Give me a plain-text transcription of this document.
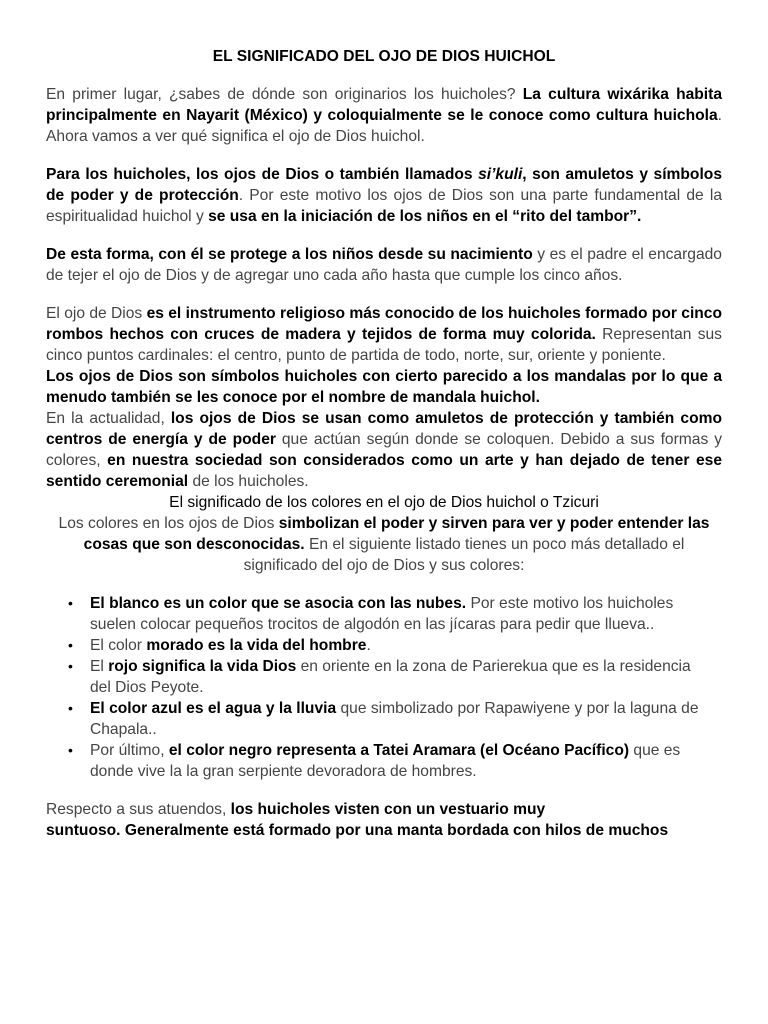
EL SIGNIFICADO DEL OJO DE DIOS HUICHOL

En primer lugar, ¿sabes de dónde son originarios los huicholes? La cultura wixárika habita principalmente en Nayarit (México) y coloquialmente se le conoce como cultura huichola. Ahora vamos a ver qué significa el ojo de Dios huichol.

Para los huicholes, los ojos de Dios o también llamados si’kuli, son amuletos y símbolos de poder y de protección. Por este motivo los ojos de Dios son una parte fundamental de la espiritualidad huichol y se usa en la iniciación de los niños en el “rito del tambor”.

De esta forma, con él se protege a los niños desde su nacimiento y es el padre el encargado de tejer el ojo de Dios y de agregar uno cada año hasta que cumple los cinco años.

El ojo de Dios es el instrumento religioso más conocido de los huicholes formado por cinco rombos hechos con cruces de madera y tejidos de forma muy colorida. Representan sus cinco puntos cardinales: el centro, punto de partida de todo, norte, sur, oriente y poniente.

Los ojos de Dios son símbolos huicholes con cierto parecido a los mandalas por lo que a menudo también se les conoce por el nombre de mandala huichol.

En la actualidad, los ojos de Dios se usan como amuletos de protección y también como centros de energía y de poder que actúan según donde se coloquen. Debido a sus formas y colores, en nuestra sociedad son considerados como un arte y han dejado de tener ese sentido ceremonial de los huicholes.

El significado de los colores en el ojo de Dios huichol o Tzicuri

Los colores en los ojos de Dios simbolizan el poder y sirven para ver y poder entender las cosas que son desconocidas. En el siguiente listado tienes un poco más detallado el significado del ojo de Dios y sus colores:

• El blanco es un color que se asocia con las nubes. Por este motivo los huicholes suelen colocar pequeños trocitos de algodón en las jícaras para pedir que llueva..
• El color morado es la vida del hombre.
• El rojo significa la vida Dios en oriente en la zona de Parierekua que es la residencia del Dios Peyote.
• El color azul es el agua y la lluvia que simbolizado por Rapawiyene y por la laguna de Chapala..
• Por último, el color negro representa a Tatei Aramara (el Océano Pacífico) que es donde vive la la gran serpiente devoradora de hombres.

Respecto a sus atuendos, los huicholes visten con un vestuario muy
suntuoso. Generalmente está formado por una manta bordada con hilos de muchos
